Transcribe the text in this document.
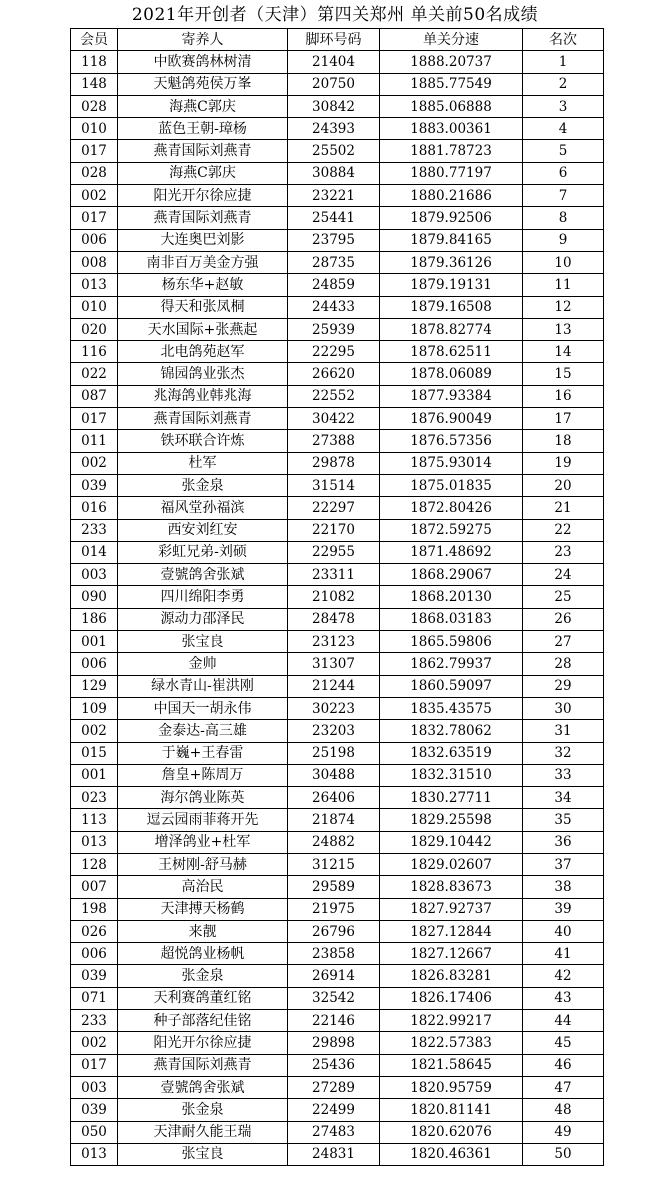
2021年开创者（天津）第四关郑州 单关前50名成绩
会员	寄养人	脚环号码	单关分速	名次
118	中欧赛鸽林树清	21404	1888.20737	1
148	天魁鸽苑侯万峯	20750	1885.77549	2
028	海燕C郭庆	30842	1885.06888	3
010	蓝色王朝-璋杨	24393	1883.00361	4
017	燕青国际刘燕青	25502	1881.78723	5
028	海燕C郭庆	30884	1880.77197	6
002	阳光开尔徐应捷	23221	1880.21686	7
017	燕青国际刘燕青	25441	1879.92506	8
006	大连奥巴刘影	23795	1879.84165	9
008	南非百万美金方强	28735	1879.36126	10
013	杨东华+赵敏	24859	1879.19131	11
010	得天和张凤桐	24433	1879.16508	12
020	天水国际+张燕起	25939	1878.82774	13
116	北电鸽苑赵军	22295	1878.62511	14
022	锦园鸽业张杰	26620	1878.06089	15
087	兆海鸽业韩兆海	22552	1877.93384	16
017	燕青国际刘燕青	30422	1876.90049	17
011	铁环联合许炼	27388	1876.57356	18
002	杜军	29878	1875.93014	19
039	张金泉	31514	1875.01835	20
016	福风堂孙福滨	22297	1872.80426	21
233	西安刘红安	22170	1872.59275	22
014	彩虹兄弟-刘硕	22955	1871.48692	23
003	壹號鸽舍张斌	23311	1868.29067	24
090	四川绵阳李勇	21082	1868.20130	25
186	源动力邵泽民	28478	1868.03183	26
001	张宝良	23123	1865.59806	27
006	金帅	31307	1862.79937	28
129	绿水青山-崔洪刚	21244	1860.59097	29
109	中国天一胡永伟	30223	1835.43575	30
002	金泰达-高三雄	23203	1832.78062	31
015	于巍+王春雷	25198	1832.63519	32
001	詹皇+陈周万	30488	1832.31510	33
023	海尔鸽业陈英	26406	1830.27711	34
113	逗云园雨菲蒋开先	21874	1829.25598	35
013	增泽鸽业+杜军	24882	1829.10442	36
128	王树刚-舒马赫	31215	1829.02607	37
007	高治民	29589	1828.83673	38
198	天津搏天杨鹤	21975	1827.92737	39
026	来靓	26796	1827.12844	40
006	超悦鸽业杨帆	23858	1827.12667	41
039	张金泉	26914	1826.83281	42
071	天利赛鸽董红铭	32542	1826.17406	43
233	种子部落纪佳铭	22146	1822.99217	44
002	阳光开尔徐应捷	29898	1822.57383	45
017	燕青国际刘燕青	25436	1821.58645	46
003	壹號鸽舍张斌	27289	1820.95759	47
039	张金泉	22499	1820.81141	48
050	天津耐久能王瑞	27483	1820.62076	49
013	张宝良	24831	1820.46361	50
